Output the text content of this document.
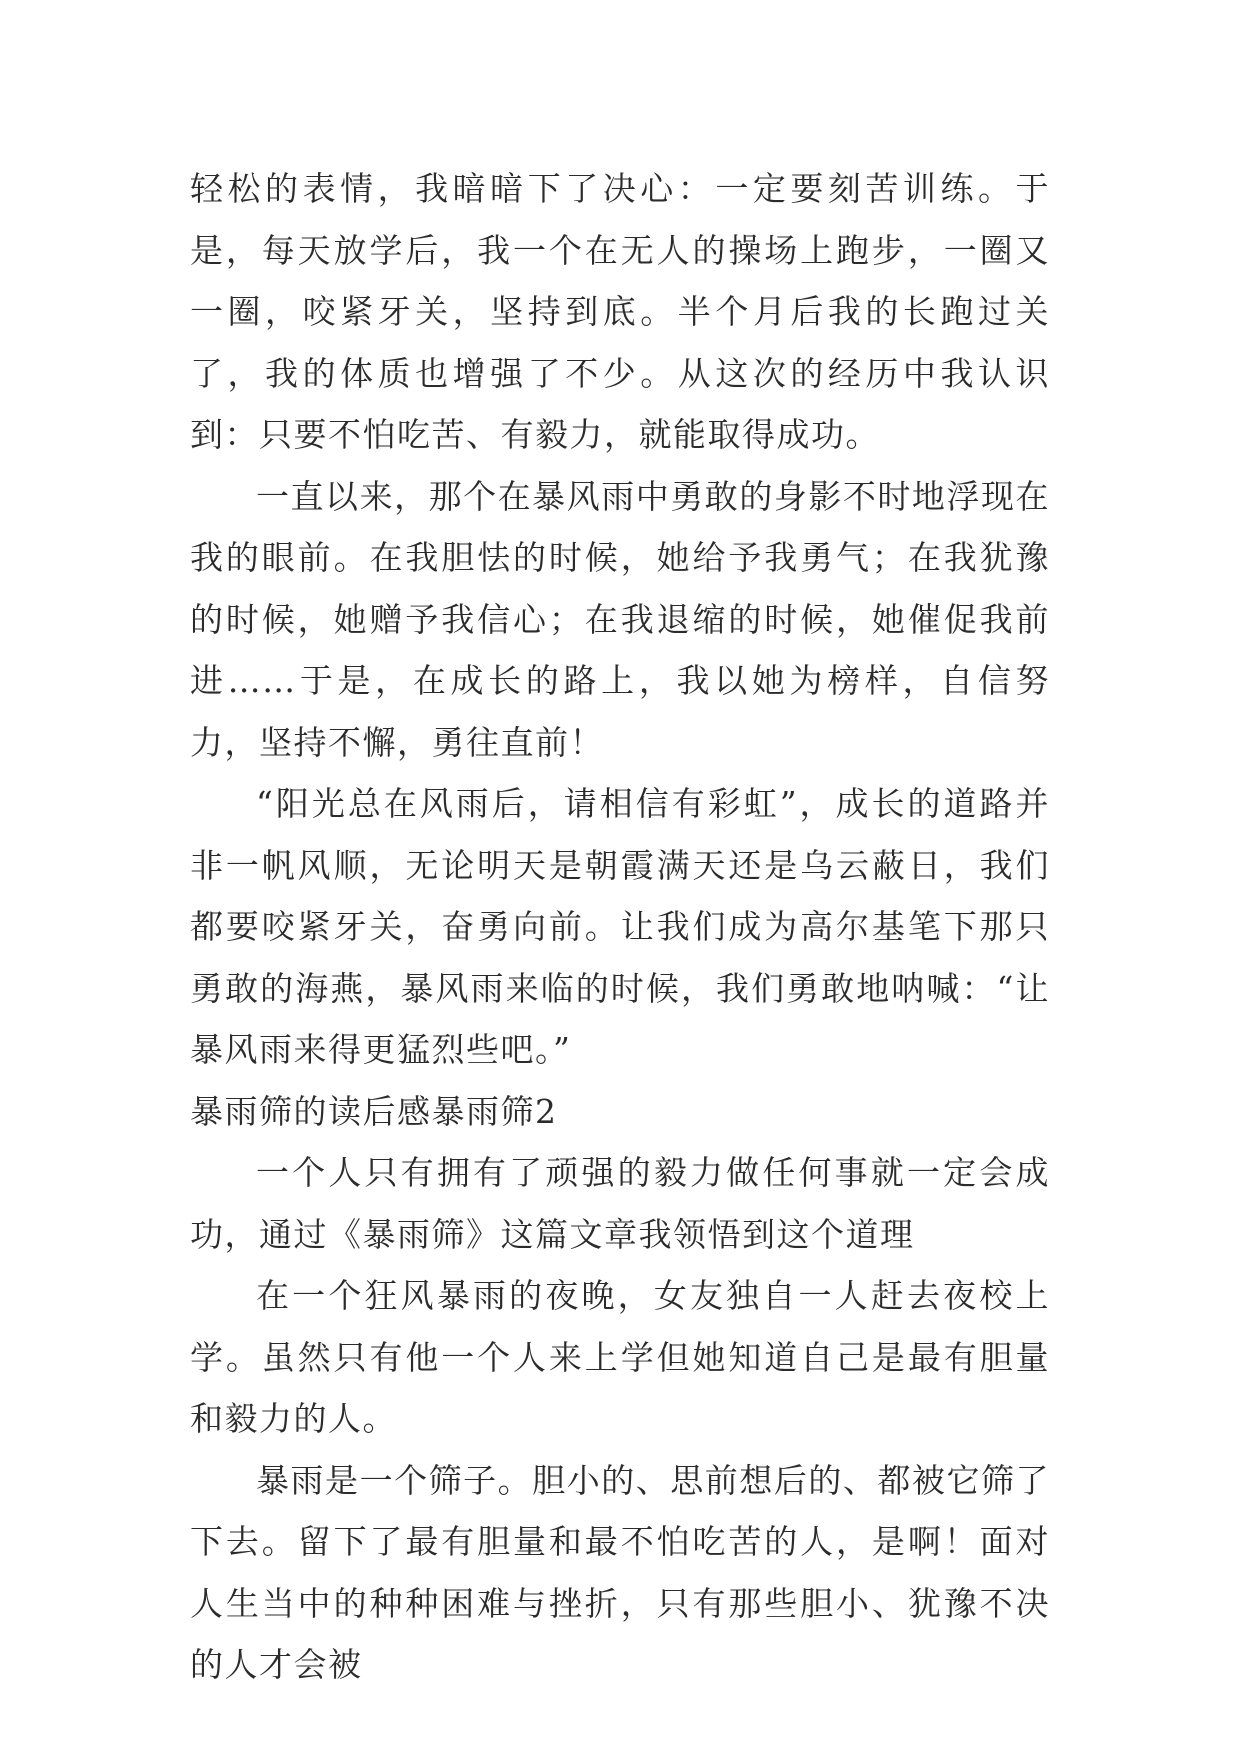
轻松的表情，我暗暗下了决心：一定要刻苦训练。于是，每天放学后，我一个在无人的操场上跑步，一圈又一圈，咬紧牙关，坚持到底。半个月后我的长跑过关了，我的体质也增强了不少。从这次的经历中我认识到：只要不怕吃苦、有毅力，就能取得成功。

一直以来，那个在暴风雨中勇敢的身影不时地浮现在我的眼前。在我胆怯的时候，她给予我勇气；在我犹豫的时候，她赠予我信心；在我退缩的时候，她催促我前进……于是，在成长的路上，我以她为榜样，自信努力，坚持不懈，勇往直前！

“阳光总在风雨后，请相信有彩虹”，成长的道路并非一帆风顺，无论明天是朝霞满天还是乌云蔽日，我们都要咬紧牙关，奋勇向前。让我们成为高尔基笔下那只勇敢的海燕，暴风雨来临的时候，我们勇敢地呐喊：“让暴风雨来得更猛烈些吧。”

暴雨筛的读后感暴雨筛2

一个人只有拥有了顽强的毅力做任何事就一定会成功，通过《暴雨筛》这篇文章我领悟到这个道理

在一个狂风暴雨的夜晚，女友独自一人赶去夜校上学。虽然只有他一个人来上学但她知道自己是最有胆量和毅力的人。

暴雨是一个筛子。胆小的、思前想后的、都被它筛了下去。留下了最有胆量和最不怕吃苦的人，是啊！面对人生当中的种种困难与挫折，只有那些胆小、犹豫不决的人才会被
